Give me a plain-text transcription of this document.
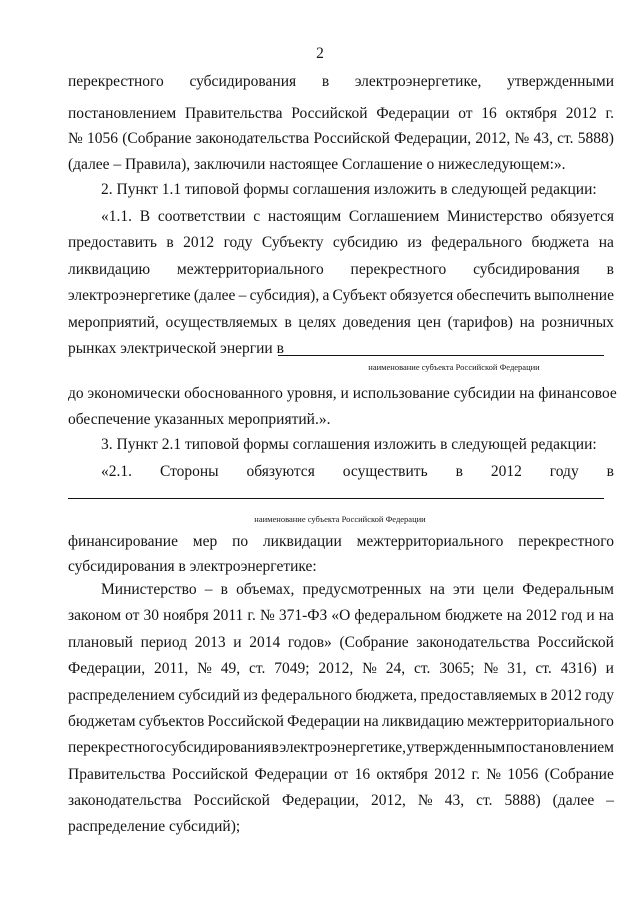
2
перекрестного субсидирования в электроэнергетике, утвержденными
постановлением Правительства Российской Федерации от 16 октября 2012 г.
№ 1056 (Собрание законодательства Российской Федерации, 2012, № 43, ст. 5888)
(далее – Правила), заключили настоящее Соглашение о нижеследующем:».
2. Пункт 1.1 типовой формы соглашения изложить в следующей редакции:
«1.1. В соответствии с настоящим Соглашением Министерство обязуется
предоставить в 2012 году Субъекту субсидию из федерального бюджета на
ликвидацию межтерриториального перекрестного субсидирования в
электроэнергетике (далее – субсидия), а Субъект обязуется обеспечить выполнение
мероприятий, осуществляемых в целях доведения цен (тарифов) на розничных
рынках электрической энергии в
наименование субъекта Российской Федерации
до экономически обоснованного уровня, и использование субсидии на финансовое
обеспечение указанных мероприятий.».
3. Пункт 2.1 типовой формы соглашения изложить в следующей редакции:
«2.1. Стороны обязуются осуществить в 2012 году в
наименование субъекта Российской Федерации
финансирование мер по ликвидации межтерриториального перекрестного
субсидирования в электроэнергетике:
Министерство – в объемах, предусмотренных на эти цели Федеральным
законом от 30 ноября 2011 г. № 371-ФЗ «О федеральном бюджете на 2012 год и на
плановый период 2013 и 2014 годов» (Собрание законодательства Российской
Федерации, 2011, № 49, ст. 7049; 2012, № 24, ст. 3065; № 31, ст. 4316) и
распределением субсидий из федерального бюджета, предоставляемых в 2012 году
бюджетам субъектов Российской Федерации на ликвидацию межтерриториального
перекрестного субсидирования в электроэнергетике, утвержденным постановлением
Правительства Российской Федерации от 16 октября 2012 г. № 1056 (Собрание
законодательства Российской Федерации, 2012, № 43, ст. 5888) (далее –
распределение субсидий);
